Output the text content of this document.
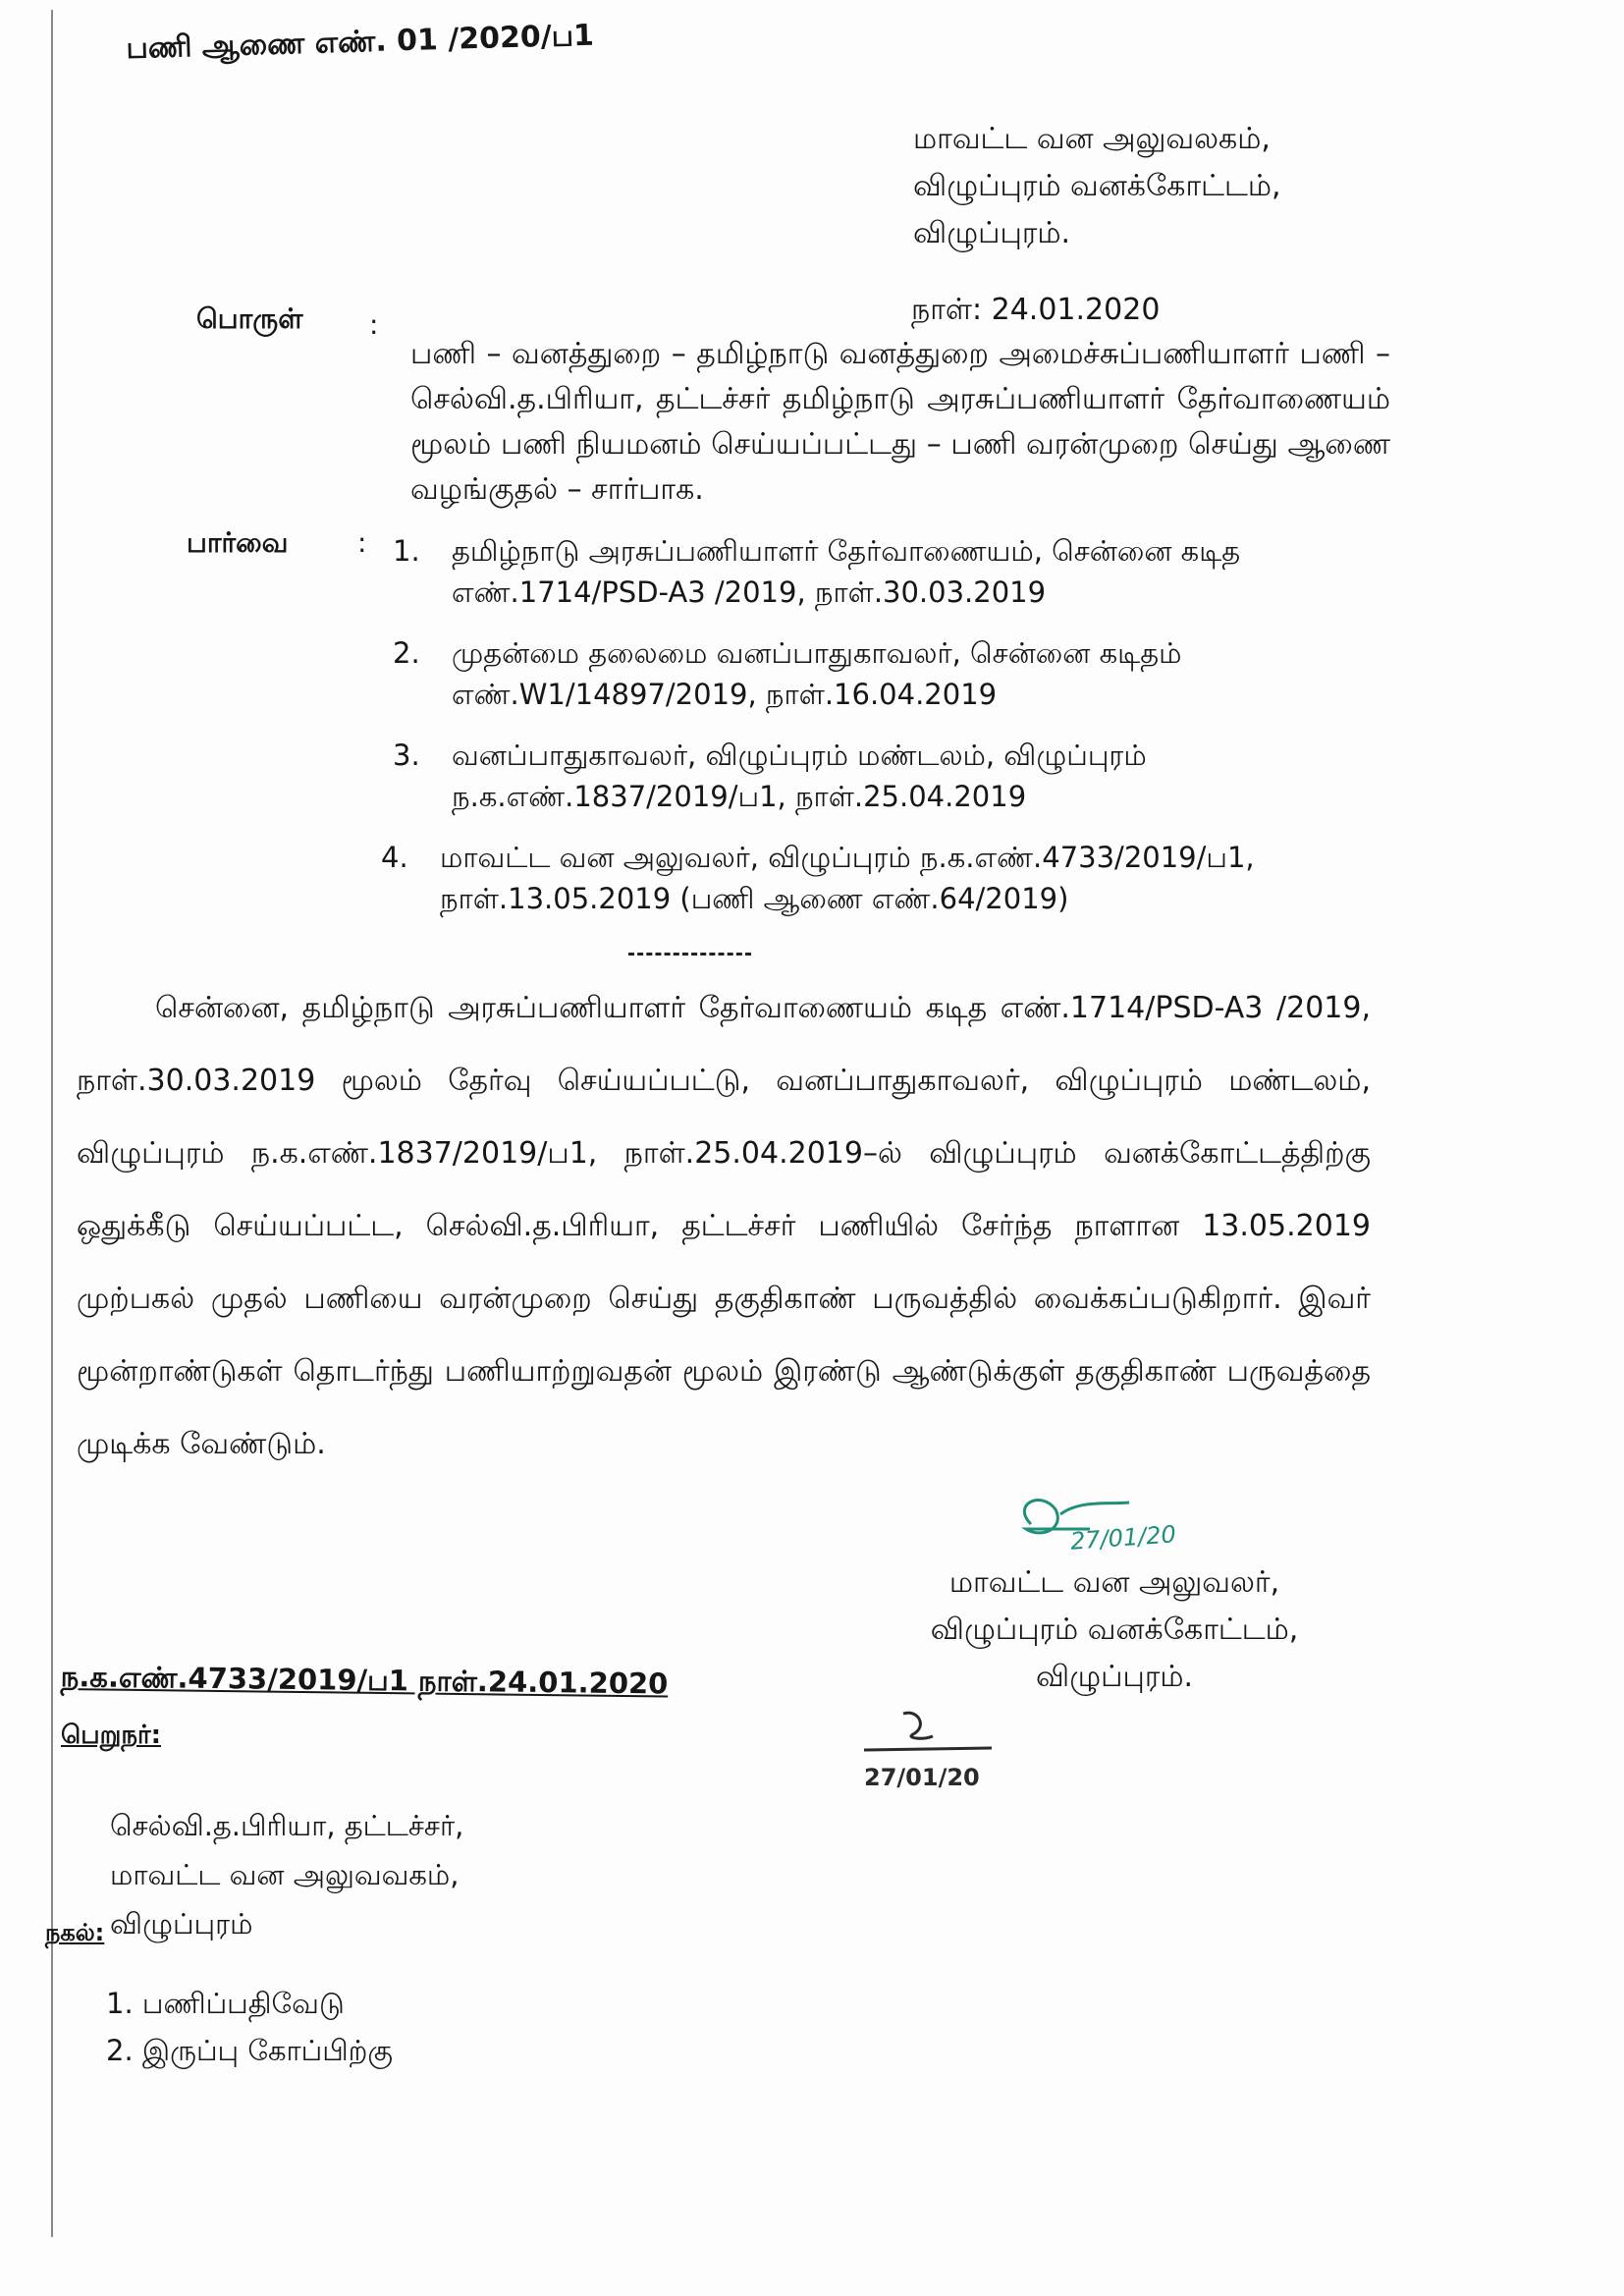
பணி ஆணை எண். 01 /2020/ப1
மாவட்ட வன அலுவலகம்,
விழுப்புரம் வனக்கோட்டம்,
விழுப்புரம்.
நாள்: 24.01.2020
பொருள் :
பணி – வனத்துறை – தமிழ்நாடு வனத்துறை அமைச்சுப்பணியாளர் பணி – செல்வி.த.பிரியா, தட்டச்சர் தமிழ்நாடு அரசுப்பணியாளர் தேர்வாணையம் மூலம் பணி நியமனம் செய்யப்பட்டது – பணி வரன்முறை செய்து ஆணை வழங்குதல் – சார்பாக.
பார்வை	: 1. தமிழ்நாடு அரசுப்பணியாளர் தேர்வாணையம், சென்னை கடித
எண்.1714/PSD-A3 /2019, நாள்.30.03.2019
2. முதன்மை தலைமை வனப்பாதுகாவலர், சென்னை கடிதம்
எண்.W1/14897/2019, நாள்.16.04.2019
3. வனப்பாதுகாவலர், விழுப்புரம் மண்டலம், விழுப்புரம்
ந.க.எண்.1837/2019/ப1, நாள்.25.04.2019
4. மாவட்ட வன அலுவலர், விழுப்புரம் ந.க.எண்.4733/2019/ப1,
நாள்.13.05.2019 (பணி ஆணை எண்.64/2019)
சென்னை, தமிழ்நாடு அரசுப்பணியாளர் தேர்வாணையம் கடித எண்.1714/PSD-A3 /2019, நாள்.30.03.2019 மூலம் தேர்வு செய்யப்பட்டு, வனப்பாதுகாவலர், விழுப்புரம் மண்டலம், விழுப்புரம் ந.க.எண்.1837/2019/ப1, நாள்.25.04.2019–ல் விழுப்புரம் வனக்கோட்டத்திற்கு ஒதுக்கீடு செய்யப்பட்ட, செல்வி.த.பிரியா, தட்டச்சர் பணியில் சேர்ந்த நாளான 13.05.2019 முற்பகல் முதல் பணியை வரன்முறை செய்து தகுதிகாண் பருவத்தில் வைக்கப்படுகிறார். இவர் மூன்றாண்டுகள் தொடர்ந்து பணியாற்றுவதன் மூலம் இரண்டு ஆண்டுக்குள் தகுதிகாண் பருவத்தை முடிக்க வேண்டும்.
27/01/20
மாவட்ட வன அலுவலர்,
விழுப்புரம் வனக்கோட்டம்,
விழுப்புரம்.
27/01/20
ந.க.எண்.4733/2019/ப1 நாள்.24.01.2020
பெறுநர்:
செல்வி.த.பிரியா, தட்டச்சர்,
மாவட்ட வன அலுவவகம்,
விழுப்புரம்
நகல்:
1. பணிப்பதிவேடு
2. இருப்பு கோப்பிற்கு
